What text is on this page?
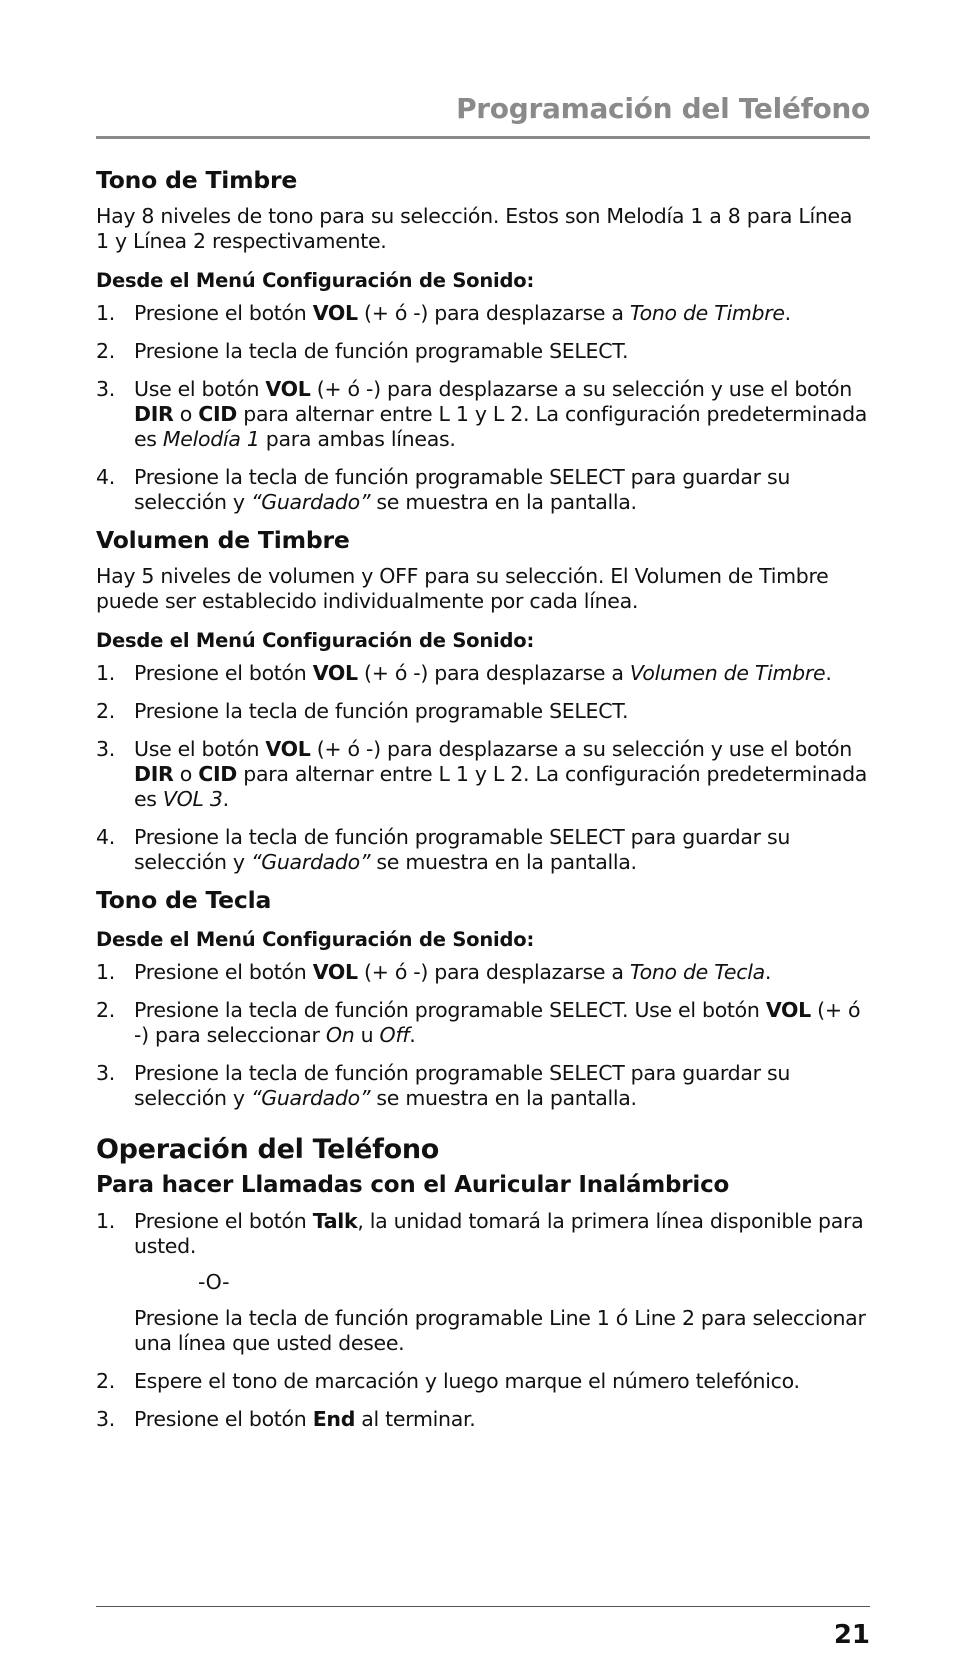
Programación del Teléfono
Tono de Timbre

Hay 8 niveles de tono para su selección. Estos son Melodía 1 a 8 para Línea 1 y Línea 2 respectivamente.

Desde el Menú Configuración de Sonido:
1. Presione el botón VOL (+ ó -) para desplazarse a Tono de Timbre.
2. Presione la tecla de función programable SELECT.
3. Use el botón VOL (+ ó -) para desplazarse a su selección y use el botón DIR o CID para alternar entre L 1 y L 2. La configuración predeterminada es Melodía 1 para ambas líneas.
4. Presione la tecla de función programable SELECT para guardar su selección y “Guardado” se muestra en la pantalla.
Volumen de Timbre

Hay 5 niveles de volumen y OFF para su selección. El Volumen de Timbre puede ser establecido individualmente por cada línea.

Desde el Menú Configuración de Sonido:
1. Presione el botón VOL (+ ó -) para desplazarse a Volumen de Timbre.
2. Presione la tecla de función programable SELECT.
3. Use el botón VOL (+ ó -) para desplazarse a su selección y use el botón DIR o CID para alternar entre L 1 y L 2. La configuración predeterminada es VOL 3.
4. Presione la tecla de función programable SELECT para guardar su selección y “Guardado” se muestra en la pantalla.
Tono de Tecla
Desde el Menú Configuración de Sonido:
1. Presione el botón VOL (+ ó -) para desplazarse a Tono de Tecla.
2. Presione la tecla de función programable SELECT. Use el botón VOL (+ ó -) para seleccionar On u Off.
3. Presione la tecla de función programable SELECT para guardar su selección y “Guardado” se muestra en la pantalla.
Operación del Teléfono
Para hacer Llamadas con el Auricular Inalámbrico
1. Presione el botón Talk, la unidad tomará la primera línea disponible para usted.
-O-
Presione la tecla de función programable Line 1 ó Line 2 para seleccionar una línea que usted desee.
2. Espere el tono de marcación y luego marque el número telefónico.
3. Presione el botón End al terminar.
21
